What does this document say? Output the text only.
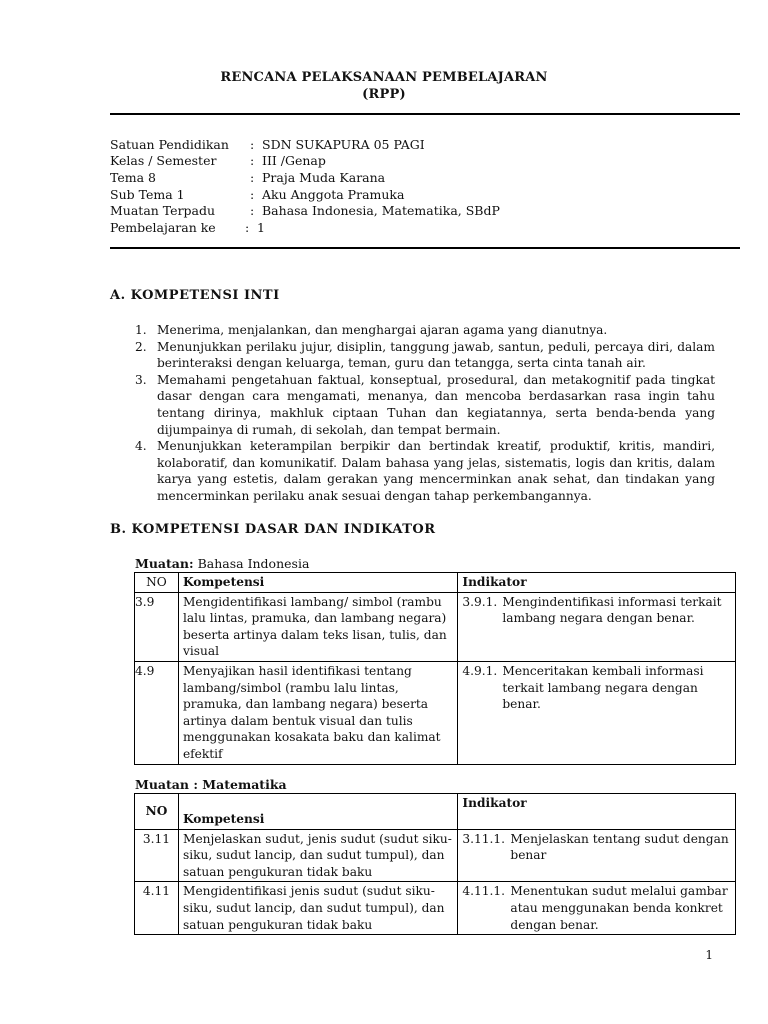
RENCANA PELAKSANAAN PEMBELAJARAN
(RPP)
Satuan Pendidikan : SDN SUKAPURA 05 PAGI
Kelas / Semester	: III /Genap
Tema 8	: Praja Muda Karana
Sub Tema 1	: Aku Anggota Pramuka
Muatan Terpadu	: Bahasa Indonesia, Matematika, SBdP
Pembelajaran ke : 1
A. KOMPETENSI INTI

1. Menerima, menjalankan, dan menghargai ajaran agama yang dianutnya.

2. Menunjukkan perilaku jujur, disiplin, tanggung jawab, santun, peduli, percaya diri, dalam berinteraksi dengan keluarga, teman, guru dan tetangga, serta cinta tanah air.

3. Memahami pengetahuan faktual, konseptual, prosedural, dan metakognitif pada tingkat dasar dengan cara mengamati, menanya, dan mencoba berdasarkan rasa ingin tahu tentang dirinya, makhluk ciptaan Tuhan dan kegiatannya, serta benda-benda yang dijumpainya di rumah, di sekolah, dan tempat bermain.

4. Menunjukkan keterampilan berpikir dan bertindak kreatif, produktif, kritis, mandiri, kolaboratif, dan komunikatif. Dalam bahasa yang jelas, sistematis, logis dan kritis, dalam karya yang estetis, dalam gerakan yang mencerminkan anak sehat, dan tindakan yang mencerminkan perilaku anak sesuai dengan tahap perkembangannya.

B. KOMPETENSI DASAR DAN INDIKATOR
Muatan: Bahasa Indonesia
NO	Kompetensi	Indikator
3.9	Mengidentifikasi lambang/ simbol (rambu lalu lintas, pramuka, dan lambang negara) beserta artinya dalam teks lisan, tulis, dan visual	3.9.1. Mengindentifikasi informasi terkait lambang negara dengan benar.

4.9	Menyajikan hasil identifikasi tentang lambang/simbol (rambu lalu lintas, pramuka, dan lambang negara) beserta artinya dalam bentuk visual dan tulis menggunakan kosakata baku dan kalimat efektif	4.9.1. Menceritakan kembali informasi terkait lambang negara dengan benar.
Muatan : Matematika
NO	Kompetensi	Indikator
3.11	Menjelaskan sudut, jenis sudut (sudut siku-siku, sudut lancip, dan sudut tumpul), dan satuan pengukuran tidak baku	3.11.1. Menjelaskan tentang sudut dengan benar

4.11	Mengidentifikasi jenis sudut (sudut siku-siku, sudut lancip, dan sudut tumpul), dan satuan pengukuran tidak baku	4.11.1. Menentukan sudut melalui gambar atau menggunakan benda konkret dengan benar.
1
